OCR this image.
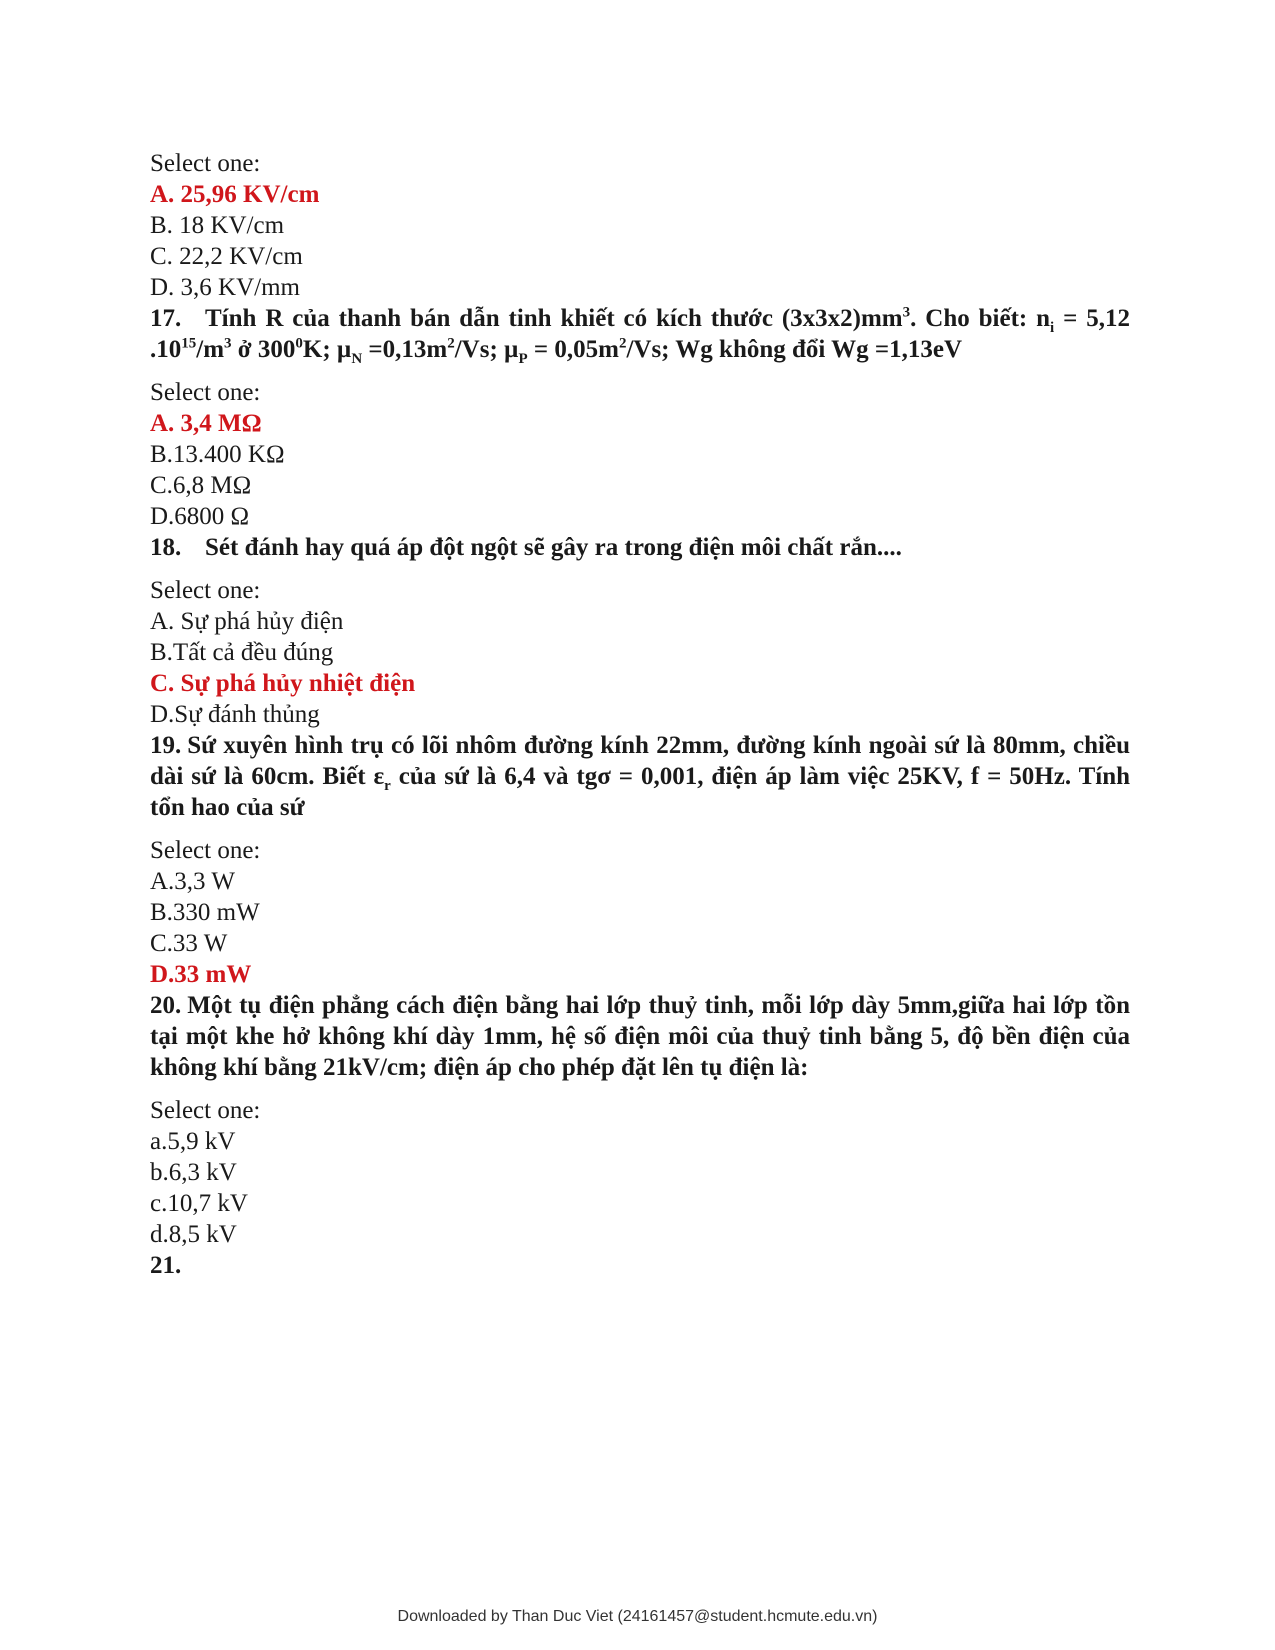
Select one:
A. 25,96 KV/cm
B. 18 KV/cm
C. 22,2 KV/cm
D. 3,6 KV/mm
17. Tính R của thanh bán dẫn tinh khiết có kích thước $(3x3x2)mm^3$. Cho biết: $n_i = 5,12$ $.10^{15}/m^3$ ở $300^0K$; $\mu_N =0,13m^2/Vs$; $\mu_P = 0,05m^2/Vs$; Wg không đổi Wg =1,13eV
Select one:
A. 3,4 MΩ
B.13.400 KΩ
C.6,8 MΩ
D.6800 Ω
18. Sét đánh hay quá áp đột ngột sẽ gây ra trong điện môi chất rắn....
Select one:
A. Sự phá hủy điện
B.Tất cả đều đúng
C. Sự phá hủy nhiệt điện
D.Sự đánh thủng
19. Sứ xuyên hình trụ có lõi nhôm đường kính 22mm, đường kính ngoài sứ là 80mm, chiều dài sứ là 60cm. Biết $\varepsilon_r$ của sứ là 6,4 và tgσ = 0,001, điện áp làm việc 25KV, f = 50Hz. Tính tổn hao của sứ
Select one:
A.3,3 W
B.330 mW
C.33 W
D.33 mW
20. Một tụ điện phẳng cách điện bằng hai lớp thuỷ tinh, mỗi lớp dày 5mm,giữa hai lớp tồn tại một khe hở không khí dày 1mm, hệ số điện môi của thuỷ tinh bằng 5, độ bền điện của không khí bằng 21kV/cm; điện áp cho phép đặt lên tụ điện là:
Select one:
a.5,9 kV
b.6,3 kV
c.10,7 kV
d.8,5 kV
21.
Downloaded by Than Duc Viet (24161457@student.hcmute.edu.vn)
